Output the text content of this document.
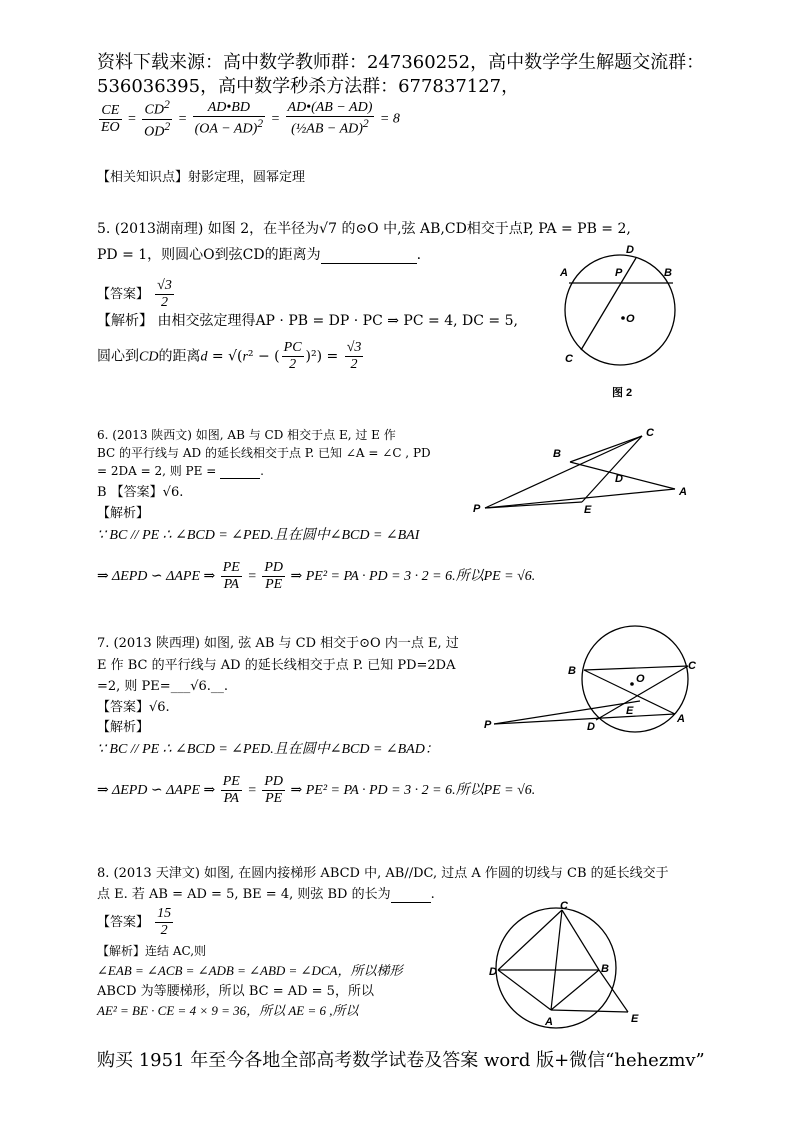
资料下载来源：高中数学教师群：247360252，高中数学学生解题交流群：
536036395，高中数学秒杀方法群：677837127，
$\frac{CE}{EO} = \frac{CD^2}{OD^2} = \frac{AD•BD}{(OA - AD)^2} = \frac{AD•(AB - AD)}{(\frac{1}{2}AB - AD)^2} = 8$
【相关知识点】射影定理，圆幂定理
5. (2013湖南理) 如图 2，在半径为√7 的⊙O 中,弦 AB,CD相交于点P, PA = PB = 2,
PD = 1，则圆心O到弦CD的距离为	.
【答案】 $\frac{√3}{2}$
【解析】 由相交弦定理得AP · PB = DP · PC ⇒ PC = 4, DC = 5,
圆心到CD的距离d = √(r² − ( $\frac{PC}{2} )^2) = \frac{√3}{2}$
A	P
D
B
O
C
图 2
6. (2013 陕西文) 如图, AB 与 CD 相交于点 E, 过 E 作
BC 的平行线与 AD 的延长线相交于点 P. 已知 ∠A = ∠C , PD
= 2DA = 2, 则 PE =	.
B 【答案】√6.
【解析】
∵ BC // PE ∴ ∠BCD = ∠PED.且在圆中∠BCD = ∠BAI
⇒ ΔEPD ∽ ΔAPE ⇒ $\frac{PE}{PA} = \frac{PD}{PE}$ ⇒ PE² = PA · PD = 3 · 2 = 6.所以PE = √6.
C
B
D
A
P	E
7. (2013 陕西理) 如图, 弦 AB 与 CD 相交于⊙O 内一点 E, 过
E 作 BC 的平行线与 AD 的延长线相交于点 P. 已知 PD=2DA
=2, 则 PE=___√6.__.
【答案】√6.
【解析】
∵ BC // PE ∴ ∠BCD = ∠PED.且在圆中∠BCD = ∠BAD：
⇒ ΔEPD ∽ ΔAPE ⇒ $\frac{PE}{PA} = \frac{PD}{PE}$ ⇒ PE² = PA · PD = 3 · 2 = 6.所以PE = √6.
B	C
O
E
P	D
A
8. (2013 天津文) 如图, 在圆内接梯形 ABCD 中, AB//DC, 过点 A 作圆的切线与 CB 的延长线交于
点 E. 若 AB = AD = 5, BE = 4, 则弦 BD 的长为	.
【答案】 $\frac{15}{2}$
【解析】连结 AC,则
∠EAB = ∠ACB = ∠ADB = ∠ABD = ∠DCA，所以梯形
ABCD 为等腰梯形，所以 BC = AD = 5，所以
AE² = BE · CE = 4 × 9 = 36，所以 AE = 6 ,所以
C
D	B
A	E
购买 1951 年至今各地全部高考数学试卷及答案 word 版+微信“hehezmv”
